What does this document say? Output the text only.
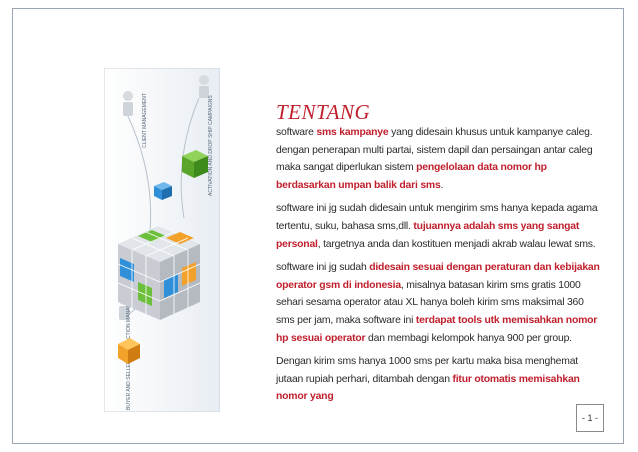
CLIENT MANAGEMENT	ACTIVATION AND DROP SHIP CAMPAIGNS	TENTANG

software sms kampanye yang didesain khusus untuk kampanye caleg. dengan penerapan multi partai, sistem dapil dan persaingan antar caleg maka sangat diperlukan sistem pengelolaan data nomor hp berdasarkan umpan balik dari sms.

software ini jg sudah didesain untuk mengirim sms hanya kepada agama tertentu, suku, bahasa sms,dll. tujuannya adalah sms yang sangat personal, targetnya anda dan kostituen menjadi akrab walau lewat sms.

software ini jg sudah didesain sesuai dengan peraturan dan kebijakan operator gsm di indonesia, misalnya batasan kirim sms gratis 1000 sehari sesama operator atau XL hanya boleh kirim sms maksimal 360 sms per jam, maka software ini terdapat tools utk memisahkan nomor hp sesuai operator dan membagi kelompok hanya 900 per group.

Dengan kirim sms hanya 1000 sms per kartu maka bisa menghemat jutaan rupiah perhari, ditambah dengan fitur otomatis memisahkan nomor yang

- 1 -
